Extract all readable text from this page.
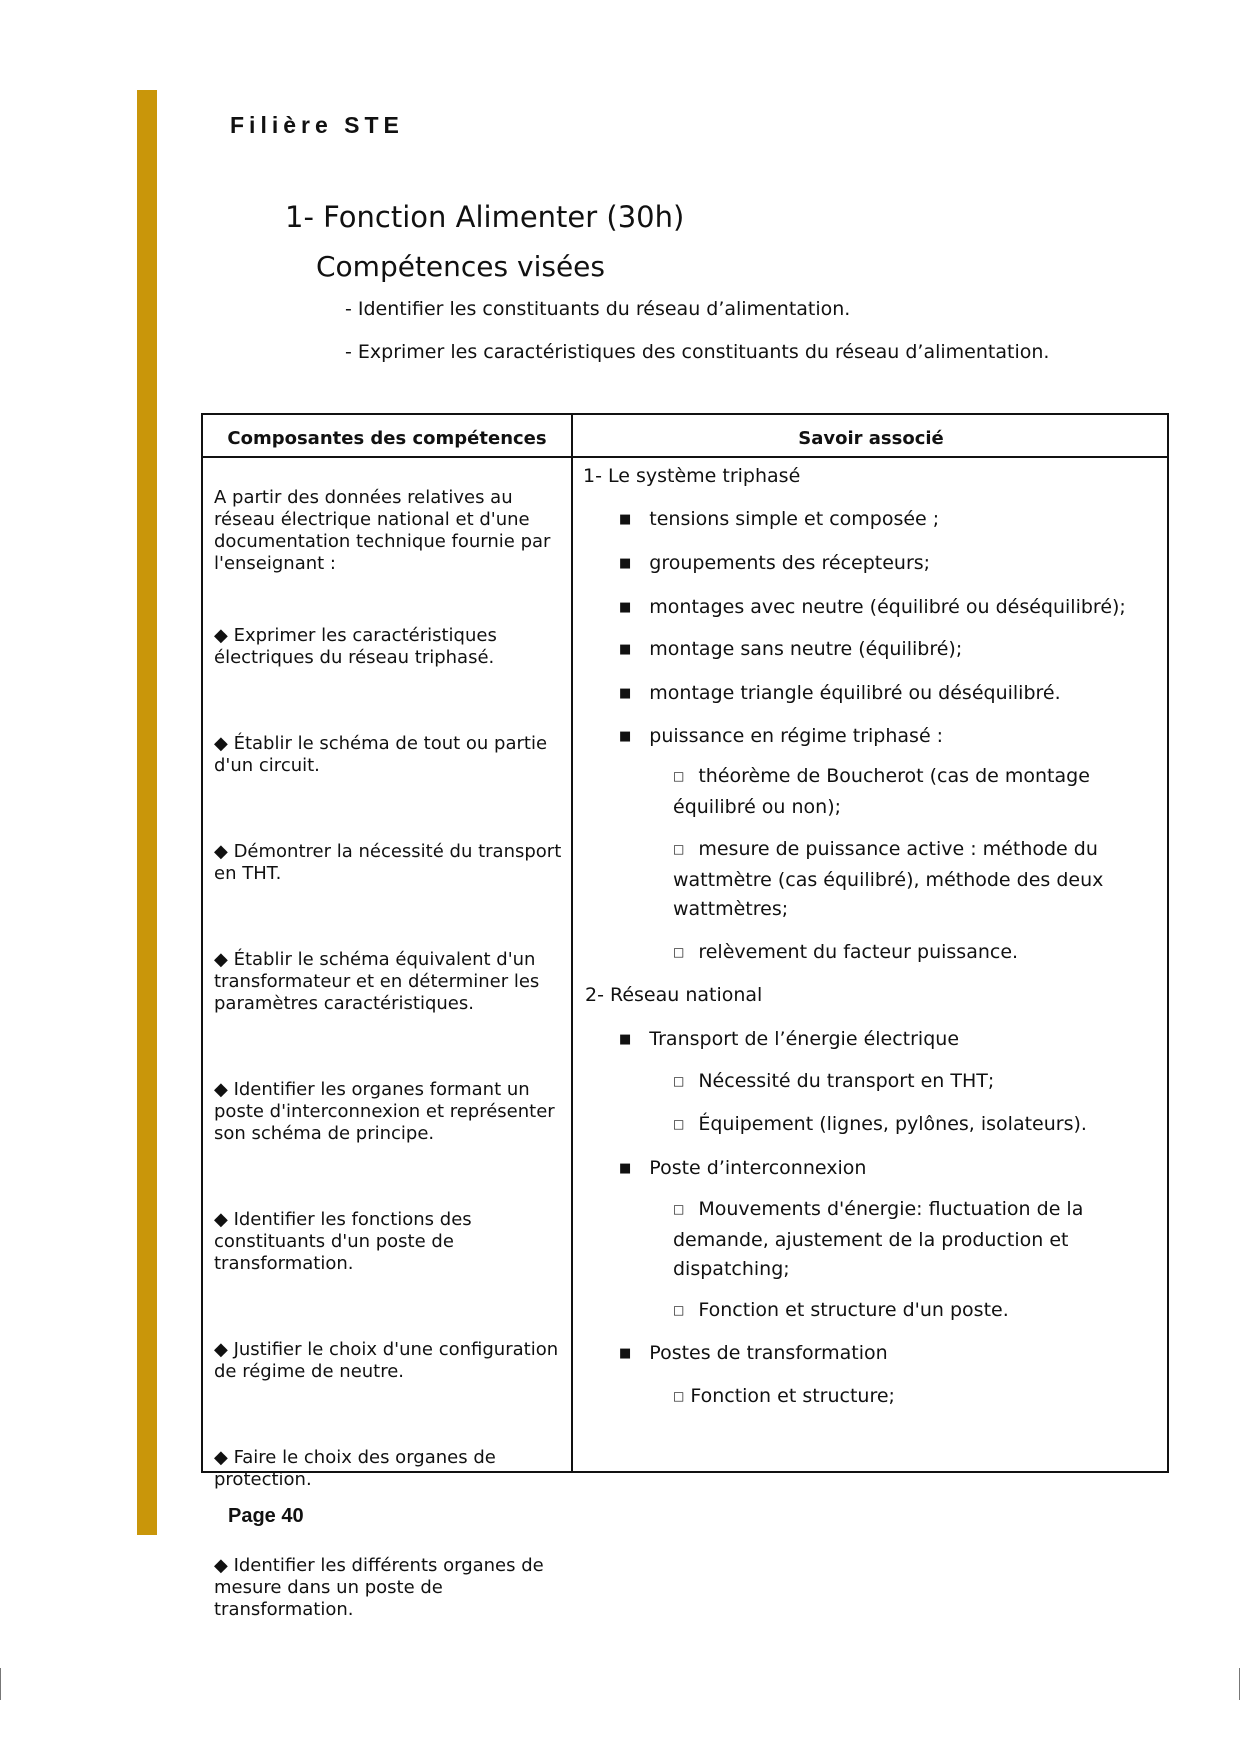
Filière STE
1- Fonction Alimenter (30h)
Compétences visées
- Identifier les constituants du réseau d’alimentation.
- Exprimer les caractéristiques des constituants du réseau d’alimentation.
Composantes des compétences	Savoir associé

A partir des données relatives au réseau électrique national et d'une documentation technique fournie par l'enseignant :

◆ Exprimer les caractéristiques électriques du réseau triphasé.

◆ Établir le schéma de tout ou partie d'un circuit.

◆ Démontrer la nécessité du transport en THT.

◆ Établir le schéma équivalent d'un transformateur et en déterminer les paramètres caractéristiques.

◆ Identifier les organes formant un poste d'interconnexion et représenter son schéma de principe.

◆ Identifier les fonctions des constituants d'un poste de transformation.

◆ Justifier le choix d'une configuration de régime de neutre.

◆ Faire le choix des organes de protection.

◆ Identifier les différents organes de mesure dans un poste de transformation.

1- Le système triphasé
■ tensions simple et composée ;
■ groupements des récepteurs;
■ montages avec neutre (équilibré ou déséquilibré);
■ montage sans neutre (équilibré);
■ montage triangle équilibré ou déséquilibré.
■ puissance en régime triphasé :
□ théorème de Boucherot (cas de montage équilibré ou non);
□ mesure de puissance active : méthode du wattmètre (cas équilibré), méthode des deux wattmètres;
□ relèvement du facteur puissance.
2- Réseau national
■ Transport de l’énergie électrique
□ Nécessité du transport en THT;
□ Équipement (lignes, pylônes, isolateurs).
■ Poste d’interconnexion
□ Mouvements d'énergie: fluctuation de la demande, ajustement de la production et dispatching;
□ Fonction et structure d'un poste.
■ Postes de transformation
□ Fonction et structure;
Page 40
